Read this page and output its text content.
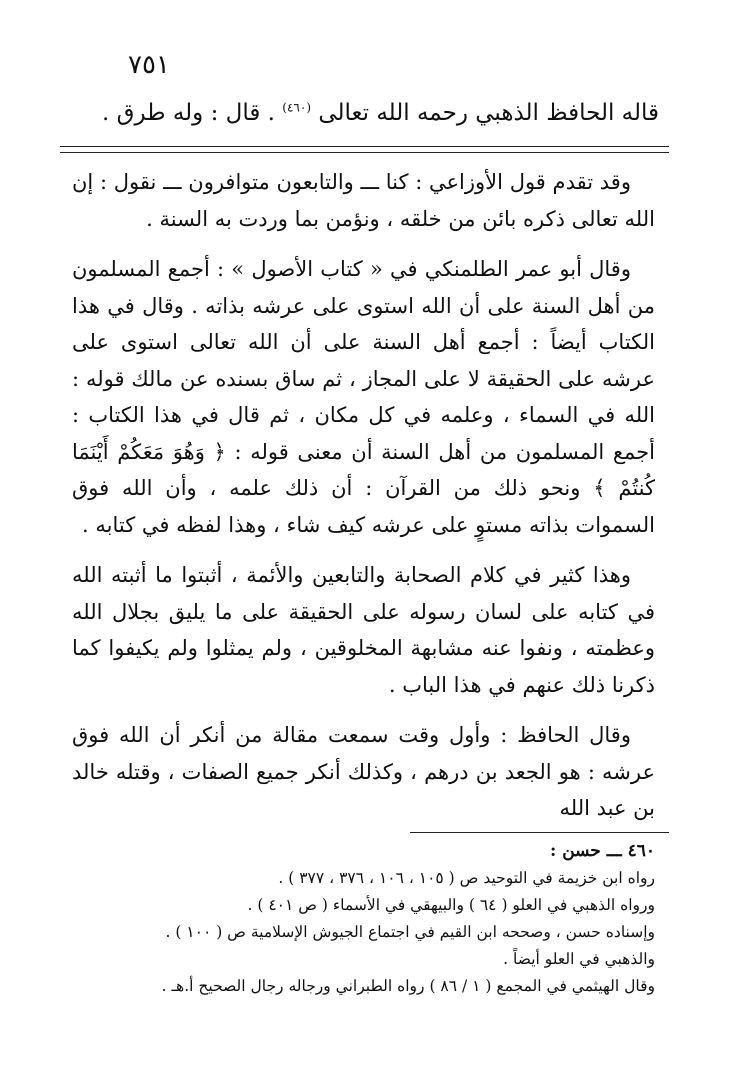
٧٥١
قاله الحافظ الذهبي رحمه الله تعالى $^{(٤٦٠)}$ . قال : وله طرق .

وقد تقدم قول الأوزاعي : كنا ـــ والتابعون متوافرون ـــ نقول : إن الله تعالى ذكره بائن من خلقه ، ونؤمن بما وردت به السنة .

وقال أبو عمر الطلمنكي في « كتاب الأصول » : أجمع المسلمون من أهل السنة على أن الله استوى على عرشه بذاته . وقال في هذا الكتاب أيضاً : أجمع أهل السنة على أن الله تعالى استوى على عرشه على الحقيقة لا على المجاز ، ثم ساق بسنده عن مالك قوله : الله في السماء ، وعلمه في كل مكان ، ثم قال في هذا الكتاب : أجمع المسلمون من أهل السنة أن معنى قوله : ﴿ وَهُوَ مَعَكُمْ أَيْنَمَا كُنتُمْ ﴾ ونحو ذلك من القرآن : أن ذلك علمه ، وأن الله فوق السموات بذاته مستوٍ على عرشه كيف شاء ، وهذا لفظه في كتابه .

وهذا كثير في كلام الصحابة والتابعين والأئمة ، أثبتوا ما أثبته الله في كتابه على لسان رسوله على الحقيقة على ما يليق بجلال الله وعظمته ، ونفوا عنه مشابهة المخلوقين ، ولم يمثلوا ولم يكيفوا كما ذكرنا ذلك عنهم في هذا الباب .

وقال الحافظ : وأول وقت سمعت مقالة من أنكر أن الله فوق عرشه : هو الجعد بن درهم ، وكذلك أنكر جميع الصفات ، وقتله خالد بن عبد الله

٤٦٠ ـــ حسن :
رواه ابن خزيمة في التوحيد ص ( ١٠٥ ، ١٠٦ ، ٣٧٦ ، ٣٧٧ ) .
ورواه الذهبي في العلو ( ٦٤ ) والبيهقي في الأسماء ( ص ٤٠١ ) .
وإسناده حسن ، وصححه ابن القيم في اجتماع الجيوش الإسلامية ص ( ١٠٠ ) .
والذهبي في العلو أيضاً .
وقال الهيثمي في المجمع ( ١ / ٨٦ ) رواه الطبراني ورجاله رجال الصحيح أ.هـ .
